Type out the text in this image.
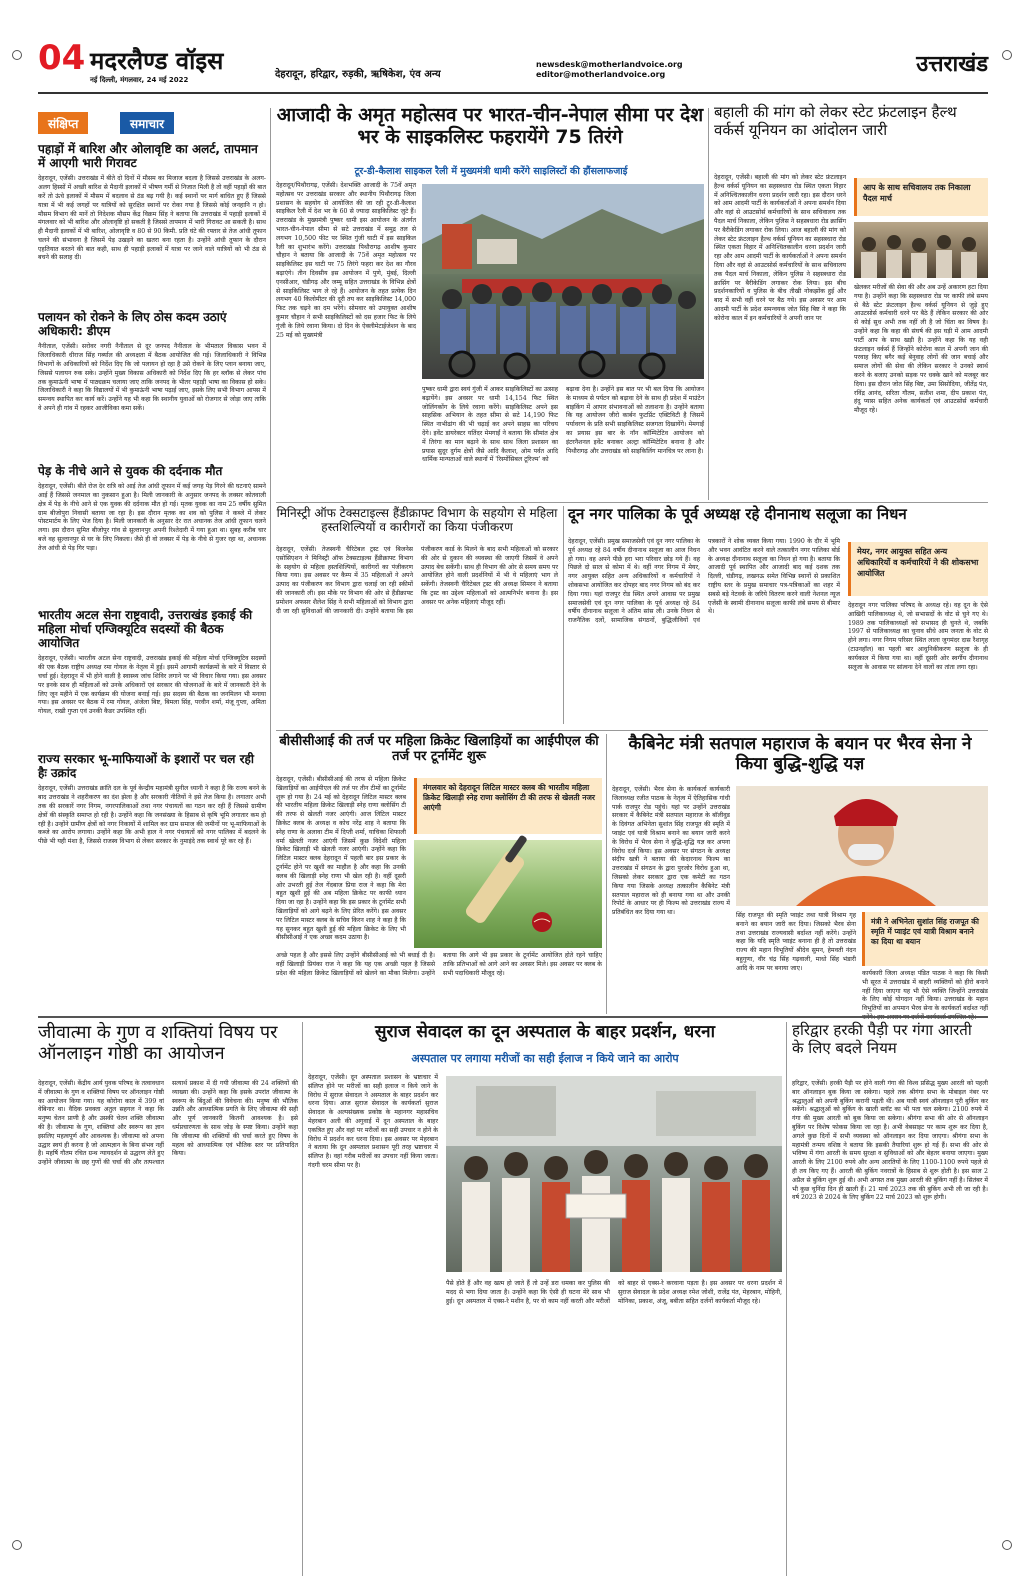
04 मदरलैण्ड वॉइस
नई दिल्ली, मंगलवार, 24 मई 2022	देहरादून, हरिद्वार, रुड़की, ऋषिकेश, एंव अन्य
newsdesk@motherlandvoice.org
editor@motherlandvoice.org	उत्तराखंड
संक्षिप्त	समाचार
पहाड़ों में बारिश और ओलावृष्टि का अलर्ट, तापमान में आएगी भारी गिरावट
देहरादून, एजेंसी। उत्तराखंड में बीते दो दिनों में मौसम का मिजाज बदला है जिससे उत्तराखंड के अलग-अलग हिस्सों में अच्छी बारिश से मैदानी इलाकों में भीषण गर्मी से निजात मिली है तो वहीं पहाड़ों की बात करें तो ऊंचे इलाकों में मौसम में बदलाव से ठंड बढ़ गयी है। कई स्थानों पर मार्ग बाधित हुए हैं जिससे यात्रा में भी कई जगहों पर यात्रियों को सुरक्षित स्थानों पर रोका गया है जिससे कोई जनहानि न हो। मौसम विभाग की मानें तो निदेशक मौसम केंद्र विक्रम सिंह ने बताया कि उत्तराखंड में पहाड़ी इलाकों में मंगलवार को भी बारिश और ओलावृष्टि हो सकती है जिससे तापमान में भारी गिरावट आ सकती है। साथ ही मैदानी इलाकों में भी बारिश, ओलावृष्टि व 80 से 90 किमी. प्रति घंटे की रफ्तार से तेज आंधी तूफान चलने की संभावना है जिसमें पेड़ उखड़ने का खतरा बना रहता है। उन्होंने आंधी तूफान के दौरान एहतियात बरतने की बात कही, साथ ही पहाड़ी इलाकों में यात्रा पर जाने वाले यात्रियों को भी ठंड से बचने की सलाह दी।
पलायन को रोकने के लिए ठोस कदम उठाएं अधिकारी: डीएम
नैनीताल, एजेंसी। सरोवर नगरी नैनीताल से दूर जनपद नैनीताल के भीमताल विकास भवन में जिलाधिकारी धीराज सिंह गर्ब्याल की अध्यक्षता में बैठक आयोजित की गई। जिलाधिकारी ने विभिन्न विभागों के अधिकारियों को निर्देश दिए कि जो पलायन हो रहा है उसे रोकने के लिए प्लान बनाया जाए, जिससे पलायन रुक सके। उन्होंने मुख्य विकास अधिकारी को निर्देश दिए कि हर ब्लॉक से लेकर पांच तक कुमाऊंनी भाषा में पाठ्यक्रम चलाया जाए ताकि जनपद के भीतर पहाड़ी भाषा का विकास हो सके। जिलाधिकारी ने कहा कि विद्यालयों में भी कुमाऊंनी भाषा पढ़ाई जाए, इसके लिए सभी विभाग आपस में समन्वय स्थापित कर कार्य करें। उन्होंने यह भी कहा कि स्थानीय युवाओं को रोजगार से जोड़ा जाए ताकि वे अपने ही गांव में रहकर आजीविका कमा सकें।
पेड़ के नीचे आने से युवक की दर्दनाक मौत
देहरादून, एजेंसी। बीते रोज देर रात्रि को आई तेज आंधी तूफान में कई जगह पेड़ गिरने की घटनाएं सामने आई हैं जिससे जनमाल का नुकसान हुआ है। मिली जानकारी के अनुसार जनपद के लक्सर कोतवाली क्षेत्र में पेड़ के नीचे आने से एक युवक की दर्दनाक मौत हो गई। मृतक युवक का नाम 25 वर्षीय सुमित ग्राम बीजोपुरा निवासी बताया जा रहा है। इस दौरान मृतक का शव को पुलिस ने कब्जे में लेकर पोस्टमार्टम के लिए भेज दिया है। मिली जानकारी के अनुसार देर रात अचानक तेज आंधी तूफान चलने लगा। इस दौरान सुमित बीजोपुर गांव से सुल्तानपुर अपनी रिश्तेदारी में गया हुआ था। सुबह करीब चार बजे वह सुल्तानपुर से घर के लिए निकला। जैसे ही वो लक्सर में पेड़ के नीचे से गुजर रहा था, अचानक तेज आंधी से पेड़ गिर पड़ा।
भारतीय अटल सेना राष्ट्रवादी, उत्तराखंड इकाई की महिला मोर्चा एग्जिक्यूटिव सदस्यों की बैठक आयोजित
देहरादून, एजेंसी। भारतीय अटल सेना राष्ट्रवादी, उत्तराखंड इकाई की महिला मोर्चा एग्जिक्यूटिव सदस्यों की एक बैठक राष्ट्रीय अध्यक्ष रमा गोयल के नेतृत्व में हुई। इसमें आगामी कार्यक्रमों के बारे में विस्तार से चर्चा हुई। देहरादून में भी होने वाली है स्वास्थ्य जांच शिविर लगाने पर भी विचार किया गया। इस अवसर पर इनके साथ ही महिलाओं को उनके अधिकारों एवं सरकार की योजनाओं के बारे में जानकारी देने के लिए जून महीने में एक कार्यक्रम की योजना बनाई गई। इस सदस्य की बैठक का जनमिलन भी मनाया गया। इस अवसर पर बैठक में रमा गोयल, अंजेला बिष्ट, बिमला सिंह, परवीन शर्मा, मंजू गुप्ता, अमिता गोयल, राखी गुप्ता एवं उनकी कैडर उपस्थित रहीं।
राज्य सरकार भू-माफियाओं के इशारों पर चल रही हैः उक्रांद
देहरादून, एजेंसी। उत्तराखंड क्रांति दल के पूर्व केन्द्रीय महामंत्री सुनील ध्यानी ने कहा है कि राज्य बनने के बाद उत्तराखंड ने शहरीकरण का दंश झेला है और सरकारी नीतियों ने इसे तेज किया है। लगातार अभी तक की सरकारें नगर निगम, नगरपालिकाओं तथा नगर पंचायतों का गठन कर रही हैं जिससे ग्रामीण क्षेत्रों की संस्कृति समाप्त हो रही है। उन्होंने कहा कि जनसंख्या के हिसाब से कृषि भूमि लगातार कम हो रही है। उन्होंने ग्रामीण क्षेत्रों को नगर निकायों में शामिल कर ग्राम समाज की जमीनों पर भू-माफियाओं के कब्जे का आरोप लगाया। उन्होंने कहा कि अभी हाल ने नगर पंचायतों को नगर पालिका में बदलने के पीछे भी यही मंशा है, जिससे राजस्व विभाग से लेकर सरकार के नुमाइंदे तक स्वार्थ पूरे कर रहे हैं।
आजादी के अमृत महोत्सव पर भारत-चीन-नेपाल सीमा पर देश भर के साइकलिस्ट फहरायेंगे 75 तिरंगे
टूर-डी-कैलाश साइकल रैली में मुख्यमंत्री धामी करेंगे साइलिस्टों की हौंसलाफजाई
देहरादून/पिथौरागढ़, एजेंसी। देशभक्ति आजादी के 75वें अमृत महोत्सव पर उत्तराखंड सरकार और स्थानीय पिथौरागढ़ जिला प्रशासन के सहयोग से आयोजित की जा रही टूर-डी-कैलाश साइकिल रैली में देश भर के 60 से ज्यादा साइकिलिस्ट जुटे हैं। उत्तराखंड के मुख्यमंत्री पुष्कर धामी इस आयोजन के अंतर्गत भारत-चीन-नेपाल सीमा से सटे उत्तराखंड में समुद्र तल से लगभग 10,500 फीट पर स्थित गुंजी घाटी में इस साइकिल रैली का शुभारंभ करेंगे। उत्तराखंड पिथौरागढ़ आशीष कुमार चौहान ने बताया कि आजादी के 75वें अमृत महोत्सव पर साइकिलिस्ट इस घाटी पर 75 तिरंगे फहरा कर देश का गौरव बढ़ाएंगे। तीन दिवसीय इस आयोजन में पुणे, मुंबई, दिल्ली एनसीआर, चंडीगढ़ और जम्मू सहित उत्तराखंड के विभिन्न क्षेत्रों से साइकिलिस्ट भाग ले रहे हैं। आयोजन के तहत प्रत्येक दिन लगभग 40 किलोमीटर की दूरी तय कर साइकिलिस्ट 14,000 फिट तक चढ़ने का दम भरेंगे। सोमवार को उपायुक्त आशीष कुमार चौहान ने सभी साइकिलिस्टों को दस हजार फिट के लिये गुंजी के लिये रवाना किया। दो दिन के ऐक्लीमेटाईजेशन के बाद 25 मई को मुख्यमंत्री
पुष्कर धामी द्वारा स्वयं गुंजी में आकर साइकिलिस्टों का उत्साह बढ़ायेंगे। इस अवसर पर धामी 14,154 फिट स्थित जोलिंगकोंग के लिये रवाना करेंगे। साइकिलिस्ट अपने इस साहसिक अभियान के तहत सीमा से सटे 14,190 फिट स्थित नाभीढांग की भी चढ़ाई कर अपने साहस का परिचय देंगे। इवेंट डायरेक्टर यतिंदर मेमगाईं ने बताया कि सीमांत क्षेत्र में तिरंगा का मान बढ़ाने के साथ साथ जिला प्रशासन का प्रयास सुदूर दुर्गम क्षेत्रों जैसे आदि कैलाश, ओम पर्वत आदि धार्मिक मान्यताओं वाले स्थानों में 'रिस्पोंसिबल टूरिज्म' को
बढ़ावा देना है। उन्होंने इस बात पर भी बल दिया कि आयोजन के माध्यम से पर्यटन को बढ़ावा देने के साथ ही प्रदेश में माउंटेन बाइकिंग में आपार संभावनाओं को तलाशना है। उन्होंने बताया कि यह आयोजन जीरो कार्बन फुटप्रिंट एक्टिविटी है जिसमें पर्यावरण के प्रति सभी साइकिलिस्ट सजगता दिखायेंगे। मेमगाईं का प्रयास इस बार के नॉन कॉम्पिटेटिव आयोजन को इंटरनैशनल इवेंट बनाकर अल्ट्रा कॉम्पिटेटिव बनाना है और पिथौरागढ़ और उत्तराखंड को साइकिलिंग मानचित्र पर लाना है।
बहाली की मांग को लेकर स्टेट फ्रंटलाइन हैल्थ वर्कर्स यूनियन का आंदोलन जारी
देहरादून, एजेंसी। बहाली की मांग को लेकर स्टेट फ्रंटलाइन हैल्थ वर्कर्स यूनियन का सहस्त्रधारा रोड स्थित एकता विहार में अनिश्चितकालीन धरना प्रदर्शन जारी रहा। इस दौरान धरने को आम आदमी पार्टी के कार्यकर्ताओं ने अपना समर्थन दिया और वहां से आउटसोर्स कर्मचारियों के साथ सचिवालय तक पैदल मार्च निकाला, लेकिन पुलिस ने सहस्त्रधारा रोड क्रासिंग पर बैरीकेडिंग लगाकर रोक लिया। आज बहाली की मांग को लेकर स्टेट फ्रंटलाइन हैल्थ वर्कर्स यूनियन का सहस्त्रधारा रोड स्थित एकता विहार में अनिश्चितकालीन धरना प्रदर्शन जारी रहा और आम आदमी पार्टी के कार्यकर्ताओं ने अपना समर्थन दिया और वहां से आउटसोर्स कर्मचारियों के साथ सचिवालय तक पैदल मार्च निकाला, लेकिन पुलिस ने सहस्त्रधारा रोड क्रासिंग पर बैरीकेडिंग लगाकर रोक लिया। इस बीच प्रदर्शनकारियों व पुलिस के बीच तीखी नोकझोंक हुई और बाद में सभी वहीं धरने पर बैठ गये। इस अवसर पर आम आदमी पार्टी के प्रदेश समन्वयक जोत सिंह बिष्ट ने कहा कि कोरोना काल में इन कर्मचारियों ने अपनी जान पर
आप के साथ सचिवालय तक निकाला पैदल मार्च
खेलकर मरीजों की सेवा की और अब उन्हें अकारण हटा दिया गया है। उन्होंने कहा कि सहस्त्रधारा रोड पर काफी लंबे समय से बैठे स्टेट फ्रंटलाइन हैल्थ वर्कर्स यूनियन से जुड़े हुए आउटसोर्स कर्मचारी धरने पर बैठे हैं लेकिन सरकार की ओर से कोई सुध अभी तक नहीं ली है जो चिंता का विषय है। उन्होंने कहा कि कहा की संघर्ष की इस घड़ी में आम आदमी पार्टी आप के साथ खड़ी है। उन्होंने कहा कि यह वही फ्रंटलाइन वर्कर्स हैं जिन्होंने कोरोना काल में अपनी जान की परवाह किए बगैर कई बेनुवाह लोगों की जान बचाई और समाज लोगों की सेवा की लेकिन सरकार ने उनको स्वार्थ करने के बजाए उनको सड़क पर धक्के खाने को मजबूर कर दिया। इस दौरान जोत सिंह बिष्ट, उमा सिसोदिया, जीतेंद्र पंत, रविंद्र आनंद, सरिता गौतम, सतीश शमा, दीप प्रकाश पंत, हंदु प्यास सहित अनेक कार्यकर्ता एवं आउटसोर्स कर्मचारी मौजूद रहे।
मिनिस्ट्री ऑफ टेक्सटाइल्स हैंडीक्राफ्ट विभाग के सहयोग से महिला हस्तशिल्पियों व कारीगरों का किया पंजीकरण
देहरादून, एजेंसी। तेजस्वनी चैरिटेबल ट्रस्ट एवं बिजनेस एसोसिएशन ने मिनिस्ट्री ऑफ टेक्सटाइल्स हैंडीक्राफ्ट विभाग के सहयोग से महिला हस्तशिल्पियों, कारीगरों का पंजीकरण किया गया। इस अवसर पर कैम्प में 35 महिलाओं ने अपने उत्पाद का पंजीकरण कर विभाग द्वारा चलाई जा रही स्कीमों की जानकारी ली। इस मौके पर विभाग की ओर से हैंडीक्राफ्ट प्रमोशन अफसर शैलेश सिंह ने सभी महिलाओं को विभाग द्वारा दी जा रही सुविधाओं की जानकारी दी। उन्होंने बताया कि इस पंजीकरण कार्ड के मिलने के बाद सभी महिलाओं को सरकार की ओर से दुकान की व्यवस्था की जाएगी जिसमें वे अपने उत्पाद बेच सकेंगी। साथ ही विभाग की ओर से समय समय पर आयोजित होने वाली प्रदर्शनियों में भी ये महिलाएं भाग ले सकेंगी। तेजस्वनी चैरिटेबल ट्रस्ट की अध्यक्ष सिमरन ने बताया कि ट्रस्ट का उद्देश्य महिलाओं को आत्मनिर्भर बनाना है। इस अवसर पर अनेक महिलाएं मौजूद रहीं।
दून नगर पालिका के पूर्व अध्यक्ष रहे दीनानाथ सलूजा का निधन
देहरादून, एजेंसी। प्रमुख समाजसेवी एवं दून नगर पालिका के पूर्व अध्यक्ष रहे 84 वर्षीय दीनानाथ सलूजा का आज निधन हो गया। वह अपने पीछे हरा भरा परिवार छोड़ गये हैं। वह पिछले दो साल से कोमा में थे। वहीं नगर निगम में मेयर, नगर आयुक्त सहित अन्य अधिकारियों व कर्मचारियों ने शोकसभा आयोजित कर दोपहर बाद नगर निगम को बंद कर दिया गया। यहां राजपुर रोड स्थित अपने आवास पर प्रमुख समाजसेवी एवं दून नगर पालिका के पूर्व अध्यक्ष रहे 84 वर्षीय दीनानाथ सलूजा ने अंतिम सांस ली। उनके निधन से राजनैतिक दलों, सामाजिक संगठनों, बुद्धिजीवियों एवं पत्रकारों ने शोक व्यक्त किया गया। 1990 के दौर में भूमि और भवन आवंटित करने वाले तत्कालीन नगर पालिका बोर्ड के अध्यक्ष दीनानाथ सलूजा का निधन हो गया है। बताया कि आजादी पूर्व स्थापित और आजादी बाद कई दशक तक दिल्ली, चंडीगढ़, लखनऊ समेत विभिन्न स्थानों से प्रकाशित राष्ट्रीय स्तर के प्रमुख समाचार पत्र-पत्रिकाओं का शहर में सबसे बड़े नेटवर्क के जरिये वितरण करने वाली नेशनल न्यूज एजेंसी के स्वामी दीनानाथ सलूजा काफी लंबे समय से बीमार थे।
मेयर, नगर आयुक्त सहित अन्य अधिकारियों व कर्मचारियों ने की शोकसभा आयोजित
देहरादून नगर पालिका परिषद के अध्यक्ष रहे। वह दून के ऐसे आखिरी पालिकाध्यक्ष थे, जो सभासदों के वोट से चुने गए थे। 1989 तक पालिकाध्यक्षों को सभासद ही चुनते थे, जबकि 1997 से पालिकाध्यक्ष का चुनाव सीधे आम जनता के वोट से होने लगा। नगर निगम परिसर स्थित लाला जुगमंदर दास रैशागृह (टाउनहॉल) का पहली बार आधुनिकीकरण सलूजा के ही कार्यकाल में किया गया था। वहीं दूसरी ओर स्वर्गीय दीनानाथ सलूजा के आवास पर सांत्वना देने वालों का तांता लगा रहा।
बीसीसीआई की तर्ज पर महिला क्रिकेट खिलाड़ियों का आईपीएल की तर्ज पर टूर्नामेंट शुरू
देहरादून, एजेंसी। बीसीसीआई की तरफ से महिला क्रिकेट खिलाड़ियों का आईपीएल की तर्ज पर तीन टीमों का टूर्नामेंट शुरू हो गया है। 24 मई को देहरादून लिटिल मास्टर क्लब की भारतीय महिला क्रिकेट खिलाड़ी स्नेह राणा क्लोसिंग टी की तरफ से खेलती नजर आएंगी। आज लिटिल मास्टर क्रिकेट क्लब के अध्यक्ष व कोच नरेंद्र शाह ने बताया कि स्नेह राणा के अलावा टीम में दिप्ती शर्मा, याचिका शिफाली वर्मा खेलती नजर आएंगी जिसमें कुछ विदेशी महिला क्रिकेट खिलाड़ी भी खेलती नजर आएंगी। उन्होंने कहा कि लिटिल मास्टर क्लब देहरादून में पहली बार इस प्रकार के टूर्नामेंट होने पर खुशी का माहौल है और कहा कि उनकी क्लब की खिलाड़ी स्नेह राणा भी खेल रही है। वहीं दूसरी ओर उभरती हुई तेज गेंदबाज प्रिया राज ने कहा कि मेरा बहुत खुशी हुई की अब महिला क्रिकेट पर काफी ध्यान दिया जा रहा है। उन्होंने कहा कि इस प्रकार के टूर्नामेंट सभी खिलाड़ियों को आगे बढ़ने के लिए प्रेरित करेंगे। इस अवसर पर लिटिल मास्टर क्लब के सचिव किरन शाह ने कहा है कि यह सुनकर बहुत खुशी हुई की महिला क्रिकेट के लिए भी बीसीसीआई ने एक अच्छा कदम उठाया है।
मंगलवार को देहरादून लिटिल मास्टर क्लब की भारतीय महिला क्रिकेट खिलाड़ी स्नेह राणा क्लोसिंग टी की तरफ से खेलती नजर आएंगी
अच्छे पहल है और इससे लिए उन्होंने बीसीसीआई को भी बधाई दी है। वहीं खिलाड़ी प्रियंका राज ने कहा कि यह एक अच्छी पहल है जिससे प्रदेश की महिला क्रिकेट खिलाड़ियों को खेलने का मौका मिलेगा। उन्होंने बताया कि आगे भी इस प्रकार के टूर्नामेंट आयोजित होते रहने चाहिए ताकि प्रतिभाओं को आगे आने का अवसर मिले। इस अवसर पर क्लब के सभी पदाधिकारी मौजूद रहे।
कैबिनेट मंत्री सतपाल महाराज के बयान पर भैरव सेना ने किया बुद्धि-शुद्धि यज्ञ
देहरादून, एजेंसी। भैरव सेना के कार्यकर्ता कार्यकारी जिलाध्यक्ष रजीत पाठक के नेतृत्व में ऐतिहासिक गांधी पार्क राजपुर रोड पहुंचे। यहां पर उन्होंने उत्तराखंड सरकार में कैबिनेट मंत्री सतपाल महाराज के बॉलीवुड के दिवंगत अभिनेता सुशांत सिंह राजपूत की स्मृति में प्वाइंट एवं यात्री विश्राम बनाने का बयान जारी करने के विरोध में भैरव सेना ने बुद्धि-शुद्धि यज्ञ कर अपना विरोध दर्ज किया। इस अवसर पर संगठन के अध्यक्ष संदीप खत्री ने बताया की केदारनाथ फिल्म का उत्तराखंड में संगठन के द्वारा पुरजोर विरोध हुआ था, जिसको लेकर सरकार द्वारा एक कमेटी का गठन किया गया जिसके अध्यक्ष तत्कालीन कैबिनेट मंत्री सतपाल महाराज को ही बनाया गया था और उनकी रिपोर्ट के आधार पर ही फिल्म को उत्तराखंड राज्य में प्रतिबंधित कर दिया गया था।	सिंह राजपूत की स्मृति प्वाइंट तथा यात्री विश्राम गृह बनाने का बयान जारी कर दिया। जिसको भैरव सेना तथा उत्तराखंड राज्यवासी बर्दाश्त नहीं करेंगे। उन्होंने कहा कि यदि स्मृति प्वाइंट बनाना ही है तो उत्तराखंड राज्य की महान विभूतियों श्रीदेव सुमन, हेमवती नंदन बहुगुणा, वीर चंद्र सिंह गढ़वाली, माधो सिंह भंडारी आदि के नाम पर बनाया जाए।
मंत्री ने अभिनेता सुशांत सिंह राजपूत की स्मृति में प्वाइंट एवं यात्री विश्राम बनाने का दिया था बयान
कार्यकारी जिला अध्यक्ष पंडित पाठक ने कहा कि किसी भी सूरत में उत्तराखंड में बाहरी व्यक्तियों को हीरो बनाने नहीं दिया जाएगा यह भी ऐसे व्यक्ति जिन्होंने उत्तराखंड के लिए कोई योगदान नहीं किया। उत्तराखंड के महान विभूतियों का अपमान भैरव सेना के कार्यकर्ता बर्दाश्त नहीं
जीवात्मा के गुण व शक्तियां विषय पर ऑनलाइन गोष्ठी का आयोजन
देहरादून, एजेंसी। केंद्रीय आर्य युवक परिषद के तत्वावधान में जीवात्मा के गुण व शक्तियां विषय पर ऑनलाइन गोष्ठी का आयोजन किया गया। यह कोरोना काल में 399 वां वेबिनार था। वैदिक प्रवक्ता अतुल सहगल ने कहा कि मनुष्य चेतन प्राणी है और उसकी चेतन शक्ति जीवात्मा की है। जीवात्मा के गुण, शक्तियां और स्वरूप का ज्ञान इसलिए महत्वपूर्ण और आवश्यक है। जीवात्मा को अपना उद्धार स्वयं ही करना है जो आत्मज्ञान के बिना संभव नहीं है। महर्षि गौतम रचित ग्रन्थ न्यायदर्शन से उद्धरण लेते हुए उन्होंने जीवात्मा के छह गुणों की चर्चा की और तत्पश्चात सत्यार्थ प्रकाश में दी गयी जीवात्मा की 24 शक्तियों की व्याख्या की। उन्होंने कहा कि इसके उपरांत जीवात्मा के स्वरूप के बिंदुओं की विवेचना की। मनुष्य की भौतिक उन्नति और आध्यात्मिक प्रगति के लिए जीवात्मा की सही और पूर्ण जानकारी कितनी आवश्यक है। इसे धर्मप्रचारणता के साथ जोड़ के स्पष्ट किया। उन्होंने कहा कि जीवात्मा की शक्तियों की चर्चा करते हुए विषय के महत्व को आध्यात्मिक एवं भौतिक स्तर पर प्रतिपादित किया।
सुराज सेवादल का दून अस्पताल के बाहर प्रदर्शन, धरना
अस्पताल पर लगाया मरीजों का सही ईलाज न किये जाने का आरोप
देहरादून, एजेंसी। दून अस्पताल प्रशासन के भ्रष्टाचार में संलिप्त होने पर मरीजों का सही इलाज न किये जाने के विरोध में सुराज सेवादल ने अस्पताल के बाहर प्रदर्शन कर धरना दिया। आज सुराज सेवादल के कार्यकर्ता सुराज सेवादल के अल्पसंख्यक प्रकोष्ठ के महानगर महासचिव मेहरबान अली की अगुवाई में दून अस्पताल के बाहर एकत्रित हुए और वहां पर मरीजों का सही उपचार न होने के विरोध में प्रदर्शन कर धरना दिया। इस अवसर पर मेहरबान ने बताया कि दून अस्पताल प्रशासन पूरी तरह भ्रष्टाचार में संलिप्त है। वहां गरीब मरीजों का उपचार नहीं किया जाता। गंदगी चरम सीमा पर है।
पैसे होते हैं और वह खत्म हो जाते हैं तो उन्हें डरा धमका कर पुलिस की मदद से भगा दिया जाता है। उन्होंने कहा कि ऐसी ही घटना मेरे साथ भी हुई। दून अस्पताल में एक्स-रे मशीन है, पर वो काम नहीं करती और मरीजों को बाहर से एक्स-रे करवाना पड़ता है। इस अवसर पर धरना प्रदर्शन में सुराज सेवादल के प्रदेश अध्यक्ष रमेश जोशी, राजेंद्र पंत, मेहरबान, मोहिनी, मोनिका, प्रकाश, अंजू, बबीता सहित दर्जनों कार्यकर्ता मौजूद रहे।
हरिद्वार हरकी पैड़ी पर गंगा आरती के लिए बदले नियम
हरिद्वार, एजेंसी। हरकी पैड़ी पर होने वाली गंगा की विश्व प्रसिद्ध मुख्य आरती को पहली बार ऑनलाइन बुक किया जा सकेगा। पहले तक श्रीगंगा सभा के मोबाइल नंबर पर श्रद्धालुओं को अपनी बुकिंग करानी पड़ती थी। अब यात्री स्वयं ऑनलाइन पूरी बुकिंग कर सकेंगे। श्रद्धालुओं को बुकिंग के खाली स्लॉट का भी पता चल सकेगा। 2100 रुपये में गंगा की मुख्य आरती को बुक किया जा सकेगा। श्रीगंगा सभा की ओर से ऑनलाइन बुकिंग पर विशेष फोकस किया जा रहा है। अभी वेबसाइट पर काम शुरू कर दिया है, अगले कुछ दिनों में सभी व्यवस्था को ऑनलाइन कर दिया जाएगा। श्रीगंगा सभा के महामंत्री तन्मय वशिष्ठ ने बताया कि इसकी तैयारियां शुरू हो गई हैं। सभा की ओर से भविष्य में गंगा आरती के समय सुरक्षा व सुविधाओं को और बेहतर बनाया जाएगा। मुख्य आरती के लिए 2100 रुपये और अन्य आरतियों के लिए 1100-1100 रुपये पहले से ही तय किए गए हैं। आरती की बुकिंग नवरात्रों के हिसाब से शुरू होती है। इस साल 2 अप्रैल से बुकिंग शुरू हुई थी। अभी अगस्त तक मुख्य आरती की बुकिंग नहीं है। सितंबर में भी कुछ चुनिंदा दिन ही खाली हैं। 21 मार्च 2023 तक की बुकिंग अभी ली जा रही है। वर्ष 2023 से 2024 के लिए बुकिंग 22 मार्च 2023 को शुरू होगी।
